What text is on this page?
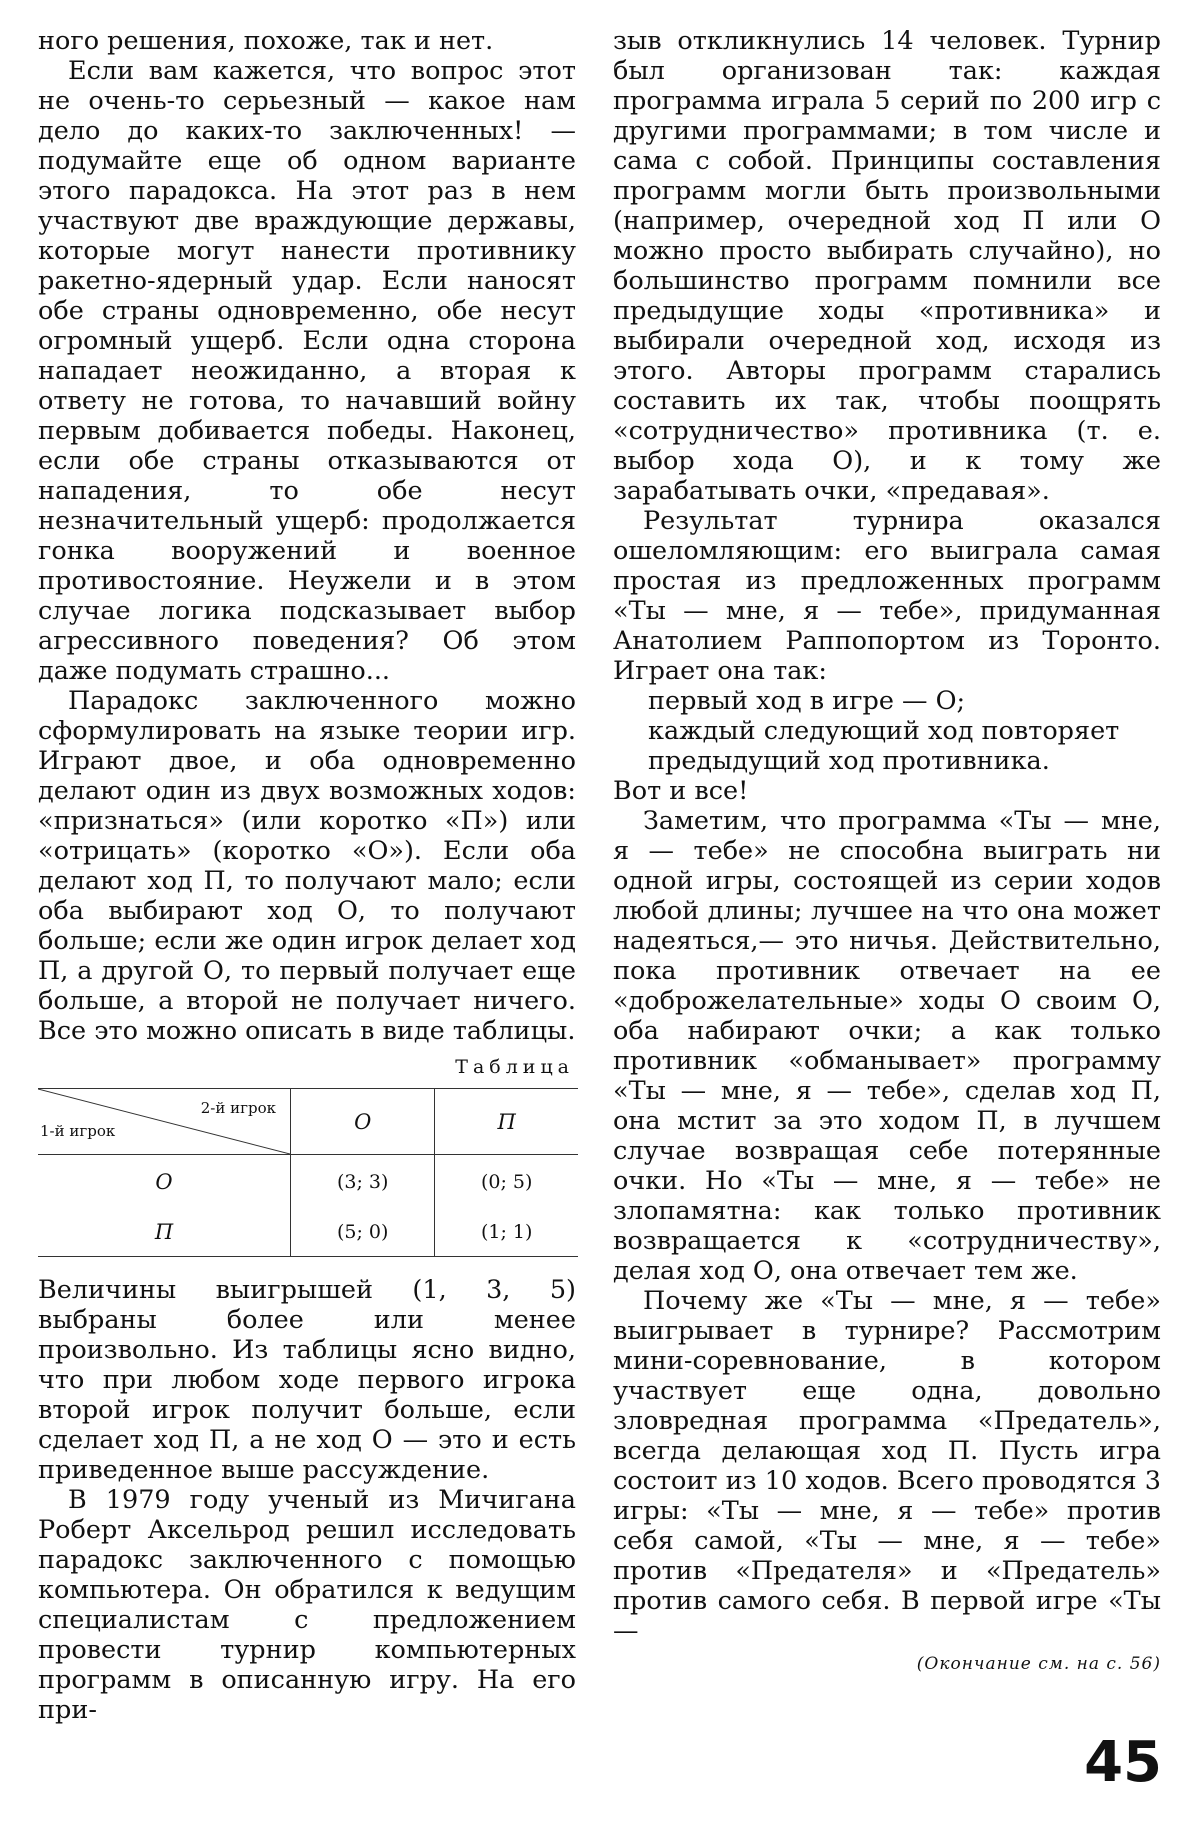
ного решения, похоже, так и нет.

Если вам кажется, что вопрос этот не очень-то серьезный — какое нам дело до каких-то заключенных! — подумайте еще об одном варианте этого парадокса. На этот раз в нем участвуют две враждующие державы, которые могут нанести противнику ракетно-ядерный удар. Если наносят обе страны одновременно, обе несут огромный ущерб. Если одна сторона нападает неожиданно, а вторая к ответу не готова, то начавший войну первым добивается победы. Наконец, если обе страны отказываются от нападения, то обе несут незначительный ущерб: продолжается гонка вооружений и военное противостояние. Неужели и в этом случае логика подсказывает выбор агрессивного поведения? Об этом даже подумать страшно...

Парадокс заключенного можно сформулировать на языке теории игр. Играют двое, и оба одновременно делают один из двух возможных ходов: «признаться» (или коротко «П») или «отрицать» (коротко «О»). Если оба делают ход П, то получают мало; если оба выбирают ход О, то получают больше; если же один игрок делает ход П, а другой О, то первый получает еще больше, а второй не получает ничего. Все это можно описать в виде таблицы.

Таблица
2-й игрок
1-й игрок	О	П
О	(3; 3)	(0; 5)
П	(5; 0)	(1; 1)

Величины выигрышей (1, 3, 5) выбраны более или менее произвольно. Из таблицы ясно видно, что при любом ходе первого игрока второй игрок получит больше, если сделает ход П, а не ход О — это и есть приведенное выше рассуждение.

В 1979 году ученый из Мичигана Роберт Аксельрод решил исследовать парадокс заключенного с помощью компьютера. Он обратился к ведущим специалистам с предложением провести турнир компьютерных программ в описанную игру. На его при-

зыв откликнулись 14 человек. Турнир был организован так: каждая программа играла 5 серий по 200 игр с другими программами; в том числе и сама с собой. Принципы составления программ могли быть произвольными (например, очередной ход П или О можно просто выбирать случайно), но большинство программ помнили все предыдущие ходы «противника» и выбирали очередной ход, исходя из этого. Авторы программ старались составить их так, чтобы поощрять «сотрудничество» противника (т. е. выбор хода О), и к тому же зарабатывать очки, «предавая».

Результат турнира оказался ошеломляющим: его выиграла самая простая из предложенных программ «Ты — мне, я — тебе», придуманная Анатолием Раппопортом из Торонто. Играет она так:

первый ход в игре — О;

каждый следующий ход повторяет предыдущий ход противника.

Вот и все!

Заметим, что программа «Ты — мне, я — тебе» не способна выиграть ни одной игры, состоящей из серии ходов любой длины; лучшее на что она может надеяться,— это ничья. Действительно, пока противник отвечает на ее «доброжелательные» ходы О своим О, оба набирают очки; а как только противник «обманывает» программу «Ты — мне, я — тебе», сделав ход П, она мстит за это ходом П, в лучшем случае возвращая себе потерянные очки. Но «Ты — мне, я — тебе» не злопамятна: как только противник возвращается к «сотрудничеству», делая ход О, она отвечает тем же.

Почему же «Ты — мне, я — тебе» выигрывает в турнире? Рассмотрим мини-соревнование, в котором участвует еще одна, довольно зловредная программа «Предатель», всегда делающая ход П. Пусть игра состоит из 10 ходов. Всего проводятся 3 игры: «Ты — мне, я — тебе» против себя самой, «Ты — мне, я — тебе» против «Предателя» и «Предатель» против самого себя. В первой игре «Ты —

(Окончание см. на с. 56)
45
